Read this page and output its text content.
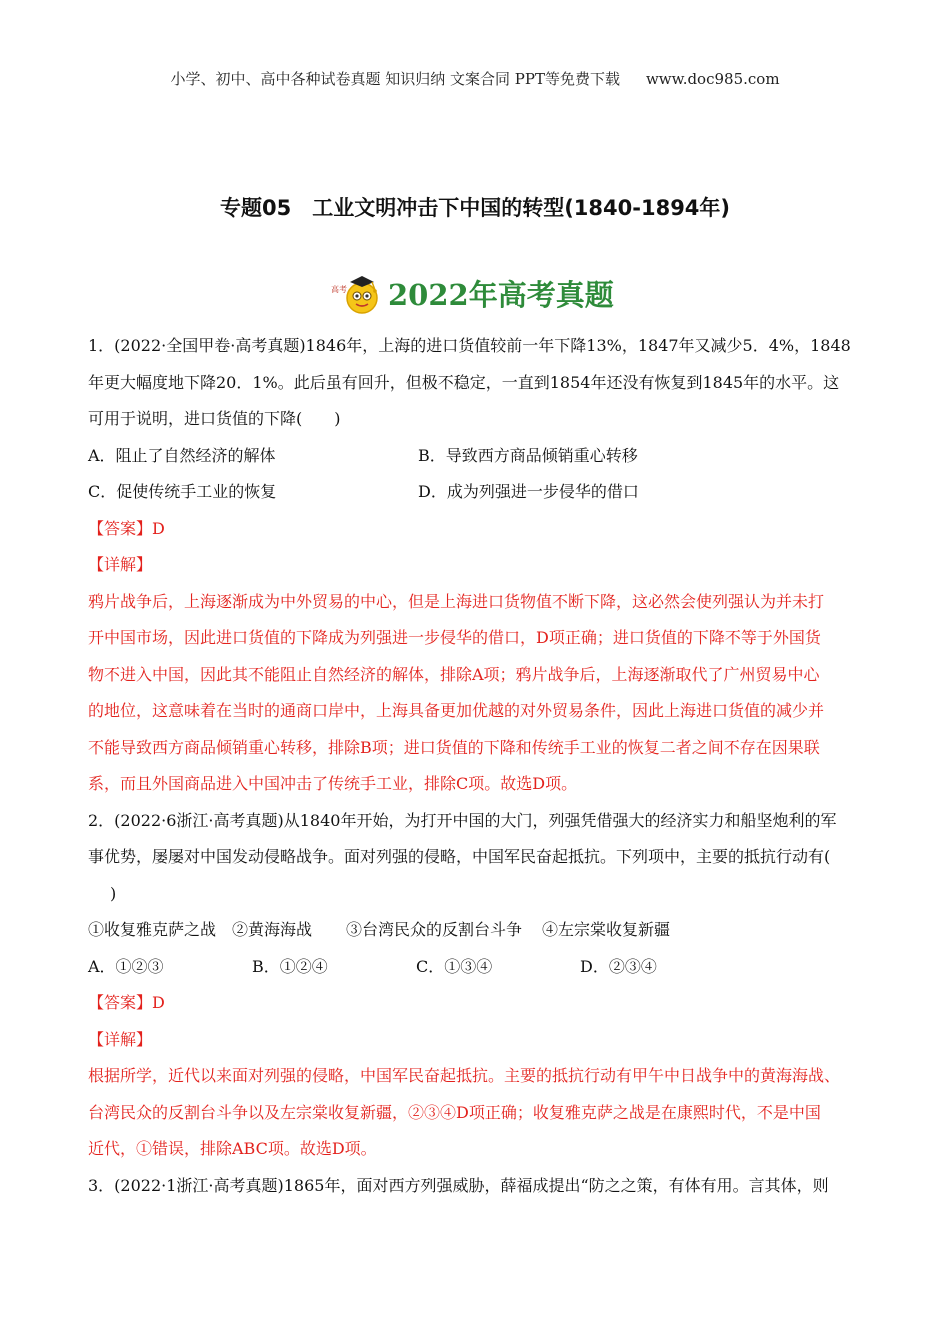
小学、初中、高中各种试卷真题 知识归纳 文案合同 PPT等免费下载 www.doc985.com
专题05　工业文明冲击下中国的转型(1840-1894年)
高考 2022年高考真题

1．(2022·全国甲卷·高考真题)1846年，上海的进口货值较前一年下降13%，1847年又减少5．4%，1848

年更大幅度地下降20．1%。此后虽有回升，但极不稳定，一直到1854年还没有恢复到1845年的水平。这

可用于说明，进口货值的下降(　　)

A．阻止了自然经济的解体	B．导致西方商品倾销重心转移
C．促使传统手工业的恢复	D．成为列强进一步侵华的借口

【答案】D

【详解】

鸦片战争后，上海逐渐成为中外贸易的中心，但是上海进口货物值不断下降，这必然会使列强认为并未打

开中国市场，因此进口货值的下降成为列强进一步侵华的借口，D项正确；进口货值的下降不等于外国货

物不进入中国，因此其不能阻止自然经济的解体，排除A项；鸦片战争后，上海逐渐取代了广州贸易中心

的地位，这意味着在当时的通商口岸中，上海具备更加优越的对外贸易条件，因此上海进口货值的减少并

不能导致西方商品倾销重心转移，排除B项；进口货值的下降和传统手工业的恢复二者之间不存在因果联

系，而且外国商品进入中国冲击了传统手工业，排除C项。故选D项。

2．(2022·6浙江·高考真题)从1840年开始，为打开中国的大门，列强凭借强大的经济实力和船坚炮利的军

事优势，屡屡对中国发动侵略战争。面对列强的侵略，中国军民奋起抵抗。下列项中，主要的抵抗行动有(

)

①收复雅克萨之战 ②黄海海战 ③台湾民众的反割台斗争 ④左宗棠收复新疆
A．①②③	B．①②④	C．①③④	D．②③④

【答案】D

【详解】

根据所学，近代以来面对列强的侵略，中国军民奋起抵抗。主要的抵抗行动有甲午中日战争中的黄海海战、

台湾民众的反割台斗争以及左宗棠收复新疆，②③④D项正确；收复雅克萨之战是在康熙时代，不是中国

近代，①错误，排除ABC项。故选D项。

3．(2022·1浙江·高考真题)1865年，面对西方列强威胁，薛福成提出“防之之策，有体有用。言其体，则
